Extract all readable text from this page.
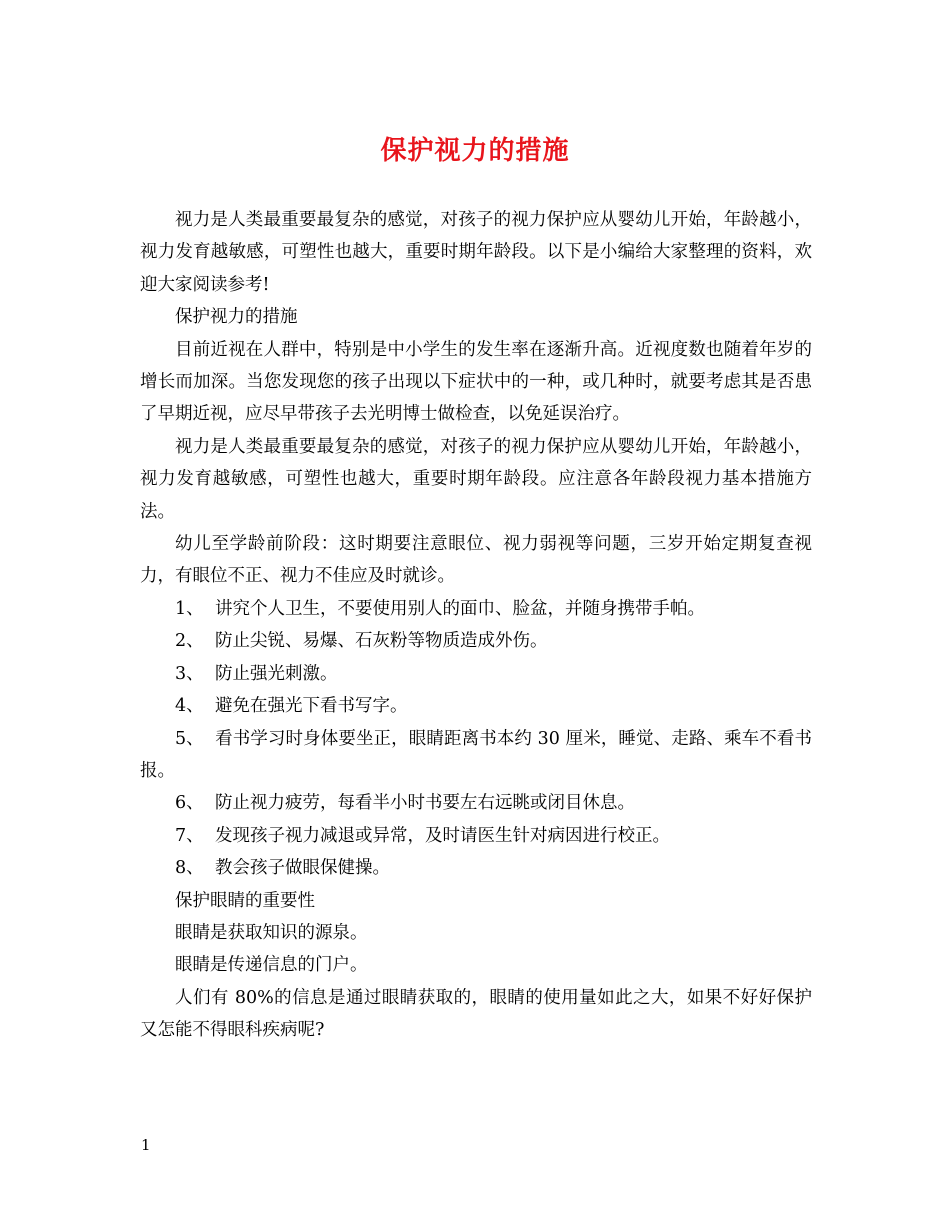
保护视力的措施

视力是人类最重要最复杂的感觉，对孩子的视力保护应从婴幼儿开始，年龄越小，视力发育越敏感，可塑性也越大，重要时期年龄段。以下是小编给大家整理的资料，欢迎大家阅读参考!

保护视力的措施

目前近视在人群中，特别是中小学生的发生率在逐渐升高。近视度数也随着年岁的增长而加深。当您发现您的孩子出现以下症状中的一种，或几种时，就要考虑其是否患了早期近视，应尽早带孩子去光明博士做检查，以免延误治疗。

视力是人类最重要最复杂的感觉，对孩子的视力保护应从婴幼儿开始，年龄越小，视力发育越敏感，可塑性也越大，重要时期年龄段。应注意各年龄段视力基本措施方法。

幼儿至学龄前阶段：这时期要注意眼位、视力弱视等问题，三岁开始定期复查视力，有眼位不正、视力不佳应及时就诊。

1、 讲究个人卫生，不要使用别人的面巾、脸盆，并随身携带手帕。

2、 防止尖锐、易爆、石灰粉等物质造成外伤。

3、 防止强光刺激。

4、 避免在强光下看书写字。

5、 看书学习时身体要坐正，眼睛距离书本约 30 厘米，睡觉、走路、乘车不看书报。

6、 防止视力疲劳，每看半小时书要左右远眺或闭目休息。

7、 发现孩子视力减退或异常，及时请医生针对病因进行校正。

8、 教会孩子做眼保健操。

保护眼睛的重要性

眼睛是获取知识的源泉。

眼睛是传递信息的门户。

人们有 80%的信息是通过眼睛获取的，眼睛的使用量如此之大，如果不好好保护又怎能不得眼科疾病呢?

1
